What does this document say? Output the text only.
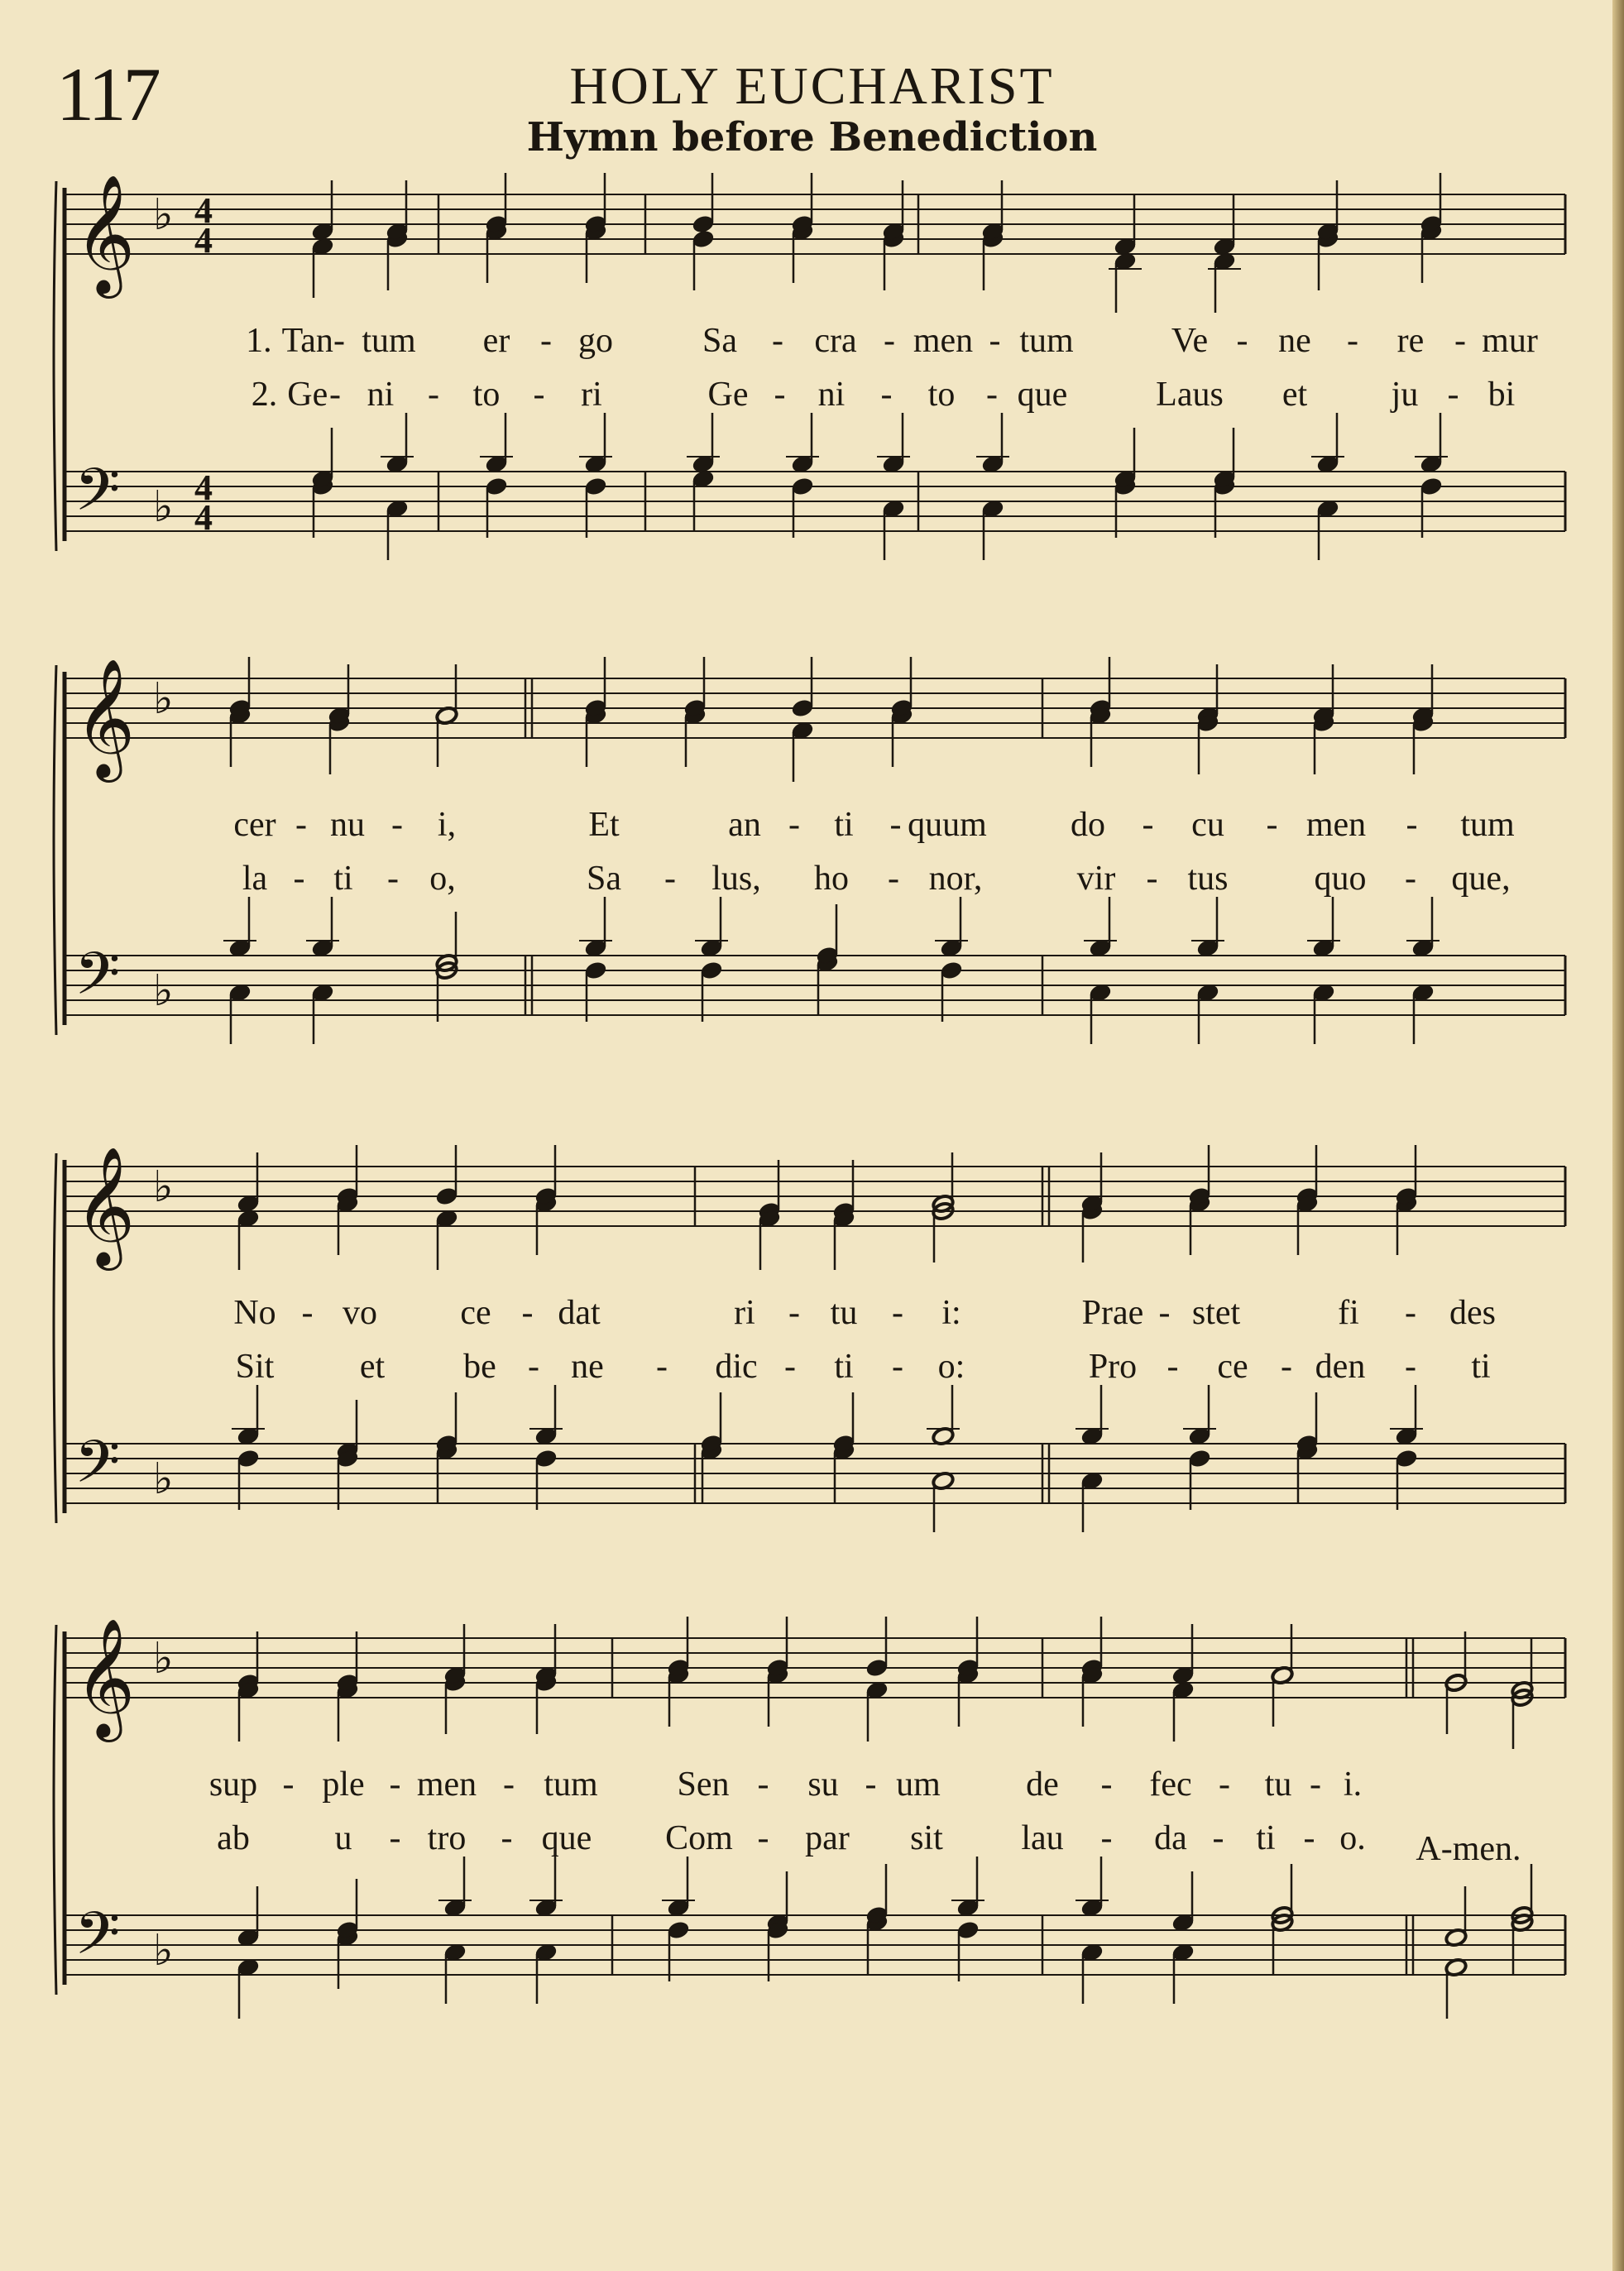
117	HOLY EUCHARIST
Hymn before Benediction
𝄞 ♭ 4
4
𝄢 ♭ 4
4
1. Tan - tum er - go	Sa - cra - men - tum	Ve - ne - re - mur
2. Ge - ni - to - ri	Ge - ni - to - que	Laus et ju - bi
𝄞 ♭
𝄢 ♭
cer - nu - i,	Et	an - ti - quum do - cu - men - tum
la - ti - o,	Sa - lus, ho - nor,	vir - tus quo - que,
𝄞 ♭
𝄢 ♭
No - vo ce - dat	ri - tu - i:	Prae - stet	fi - des
Sit et be - ne - dic - ti - o:	Pro - ce - den - ti
𝄞 ♭
𝄢 ♭
sup - ple - men - tum Sen - su - um de - fec - tu - i.
ab u - tro - que Com - par sit lau - da - ti - o. A-men.
